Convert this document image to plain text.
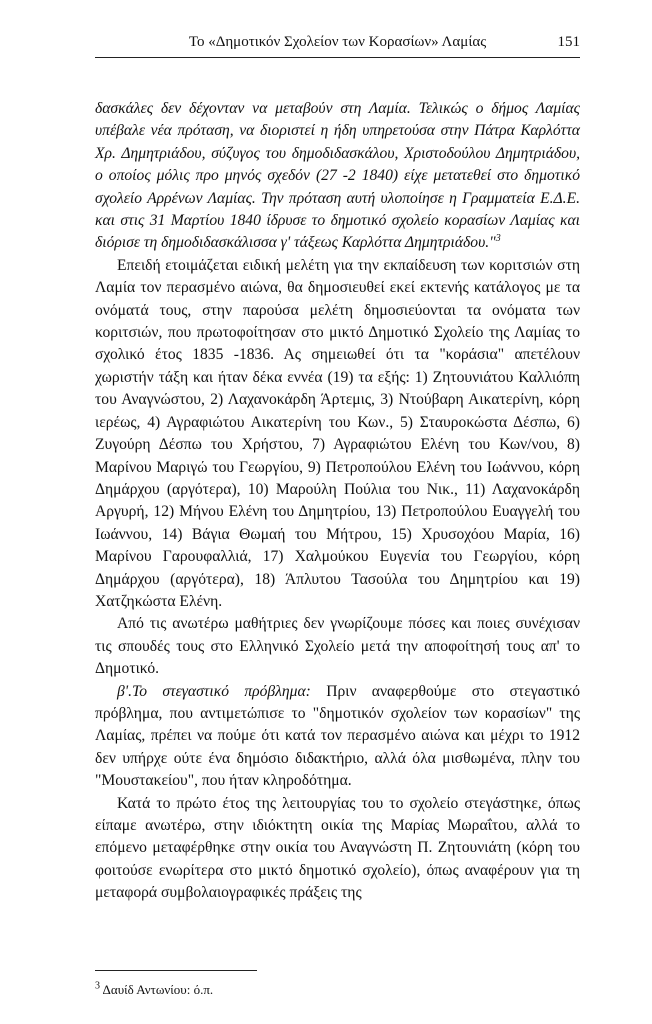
Το «Δημοτικόν Σχολείον των Κορασίων» Λαμίας	151

δασκάλες δεν δέχονταν να μεταβούν στη Λαμία. Τελικώς ο δήμος Λαμίας υπέβαλε νέα πρόταση, να διοριστεί η ήδη υπηρετούσα στην Πάτρα Καρλόττα Χρ. Δημητριάδου, σύζυγος του δημοδιδασκάλου, Χριστοδούλου Δημητριάδου, ο οποίος μόλις προ μηνός σχεδόν (27 -2 1840) είχε μετατεθεί στο δημοτικό σχολείο Αρρένων Λαμίας. Την πρόταση αυτή υλοποίησε η Γραμματεία Ε.Δ.Ε. και στις 31 Μαρτίου 1840 ίδρυσε το δημοτικό σχολείο κορασίων Λαμίας και διόρισε τη δημοδιδασκάλισσα γ' τάξεως Καρλόττα Δημητριάδου."$^3$

Επειδή ετοιμάζεται ειδική μελέτη για την εκπαίδευση των κοριτσιών στη Λαμία τον περασμένο αιώνα, θα δημοσιευθεί εκεί εκτενής κατάλογος με τα ονόματά τους, στην παρούσα μελέτη δημοσιεύονται τα ονόματα των κοριτσιών, που πρωτοφοίτησαν στο μικτό Δημοτικό Σχολείο της Λαμίας το σχολικό έτος 1835 -1836. Ας σημειωθεί ότι τα "κοράσια" απετέλουν χωριστήν τάξη και ήταν δέκα εννέα (19) τα εξής: 1) Ζητουνιάτου Καλλιόπη του Αναγνώστου, 2) Λαχανοκάρδη Άρτεμις, 3) Ντούβαρη Αικατερίνη, κόρη ιερέως, 4) Αγραφιώτου Αικατερίνη του Κων., 5) Σταυροκώστα Δέσπω, 6) Ζυγούρη Δέσπω του Χρήστου, 7) Αγραφιώτου Ελένη του Κων/νου, 8) Μαρίνου Μαριγώ του Γεωργίου, 9) Πετροπούλου Ελένη του Ιωάννου, κόρη Δημάρχου (αργότερα), 10) Μαρούλη Πούλια του Νικ., 11) Λαχανοκάρδη Αργυρή, 12) Μήνου Ελένη του Δημητρίου, 13) Πετροπούλου Ευαγγελή του Ιωάννου, 14) Βάγια Θωμαή του Μήτρου, 15) Χρυσοχόου Μαρία, 16) Μαρίνου Γαρουφαλλιά, 17) Χαλμούκου Ευγενία του Γεωργίου, κόρη Δημάρχου (αργότερα), 18) Άπλυτου Τασούλα του Δημητρίου και 19) Χατζηκώστα Ελένη.

Από τις ανωτέρω μαθήτριες δεν γνωρίζουμε πόσες και ποιες συνέχισαν τις σπουδές τους στο Ελληνικό Σχολείο μετά την αποφοίτησή τους απ' το Δημοτικό.

β'.Το στεγαστικό πρόβλημα: Πριν αναφερθούμε στο στεγαστικό πρόβλημα, που αντιμετώπισε το "δημοτικόν σχολείον των κορασίων" της Λαμίας, πρέπει να πούμε ότι κατά τον περασμένο αιώνα και μέχρι το 1912 δεν υπήρχε ούτε ένα δημόσιο διδακτήριο, αλλά όλα μισθωμένα, πλην του "Μουστακείου", που ήταν κληροδότημα.

Κατά το πρώτο έτος της λειτουργίας του το σχολείο στεγάστηκε, όπως είπαμε ανωτέρω, στην ιδιόκτητη οικία της Μαρίας Μωραΐτου, αλλά το επόμενο μεταφέρθηκε στην οικία του Αναγνώστη Π. Ζητουνιάτη (κόρη του φοιτούσε ενωρίτερα στο μικτό δημοτικό σχολείο), όπως αναφέρουν για τη μεταφορά συμβολαιογραφικές πράξεις της

$^3$ Δαυίδ Αντωνίου: ό.π.
